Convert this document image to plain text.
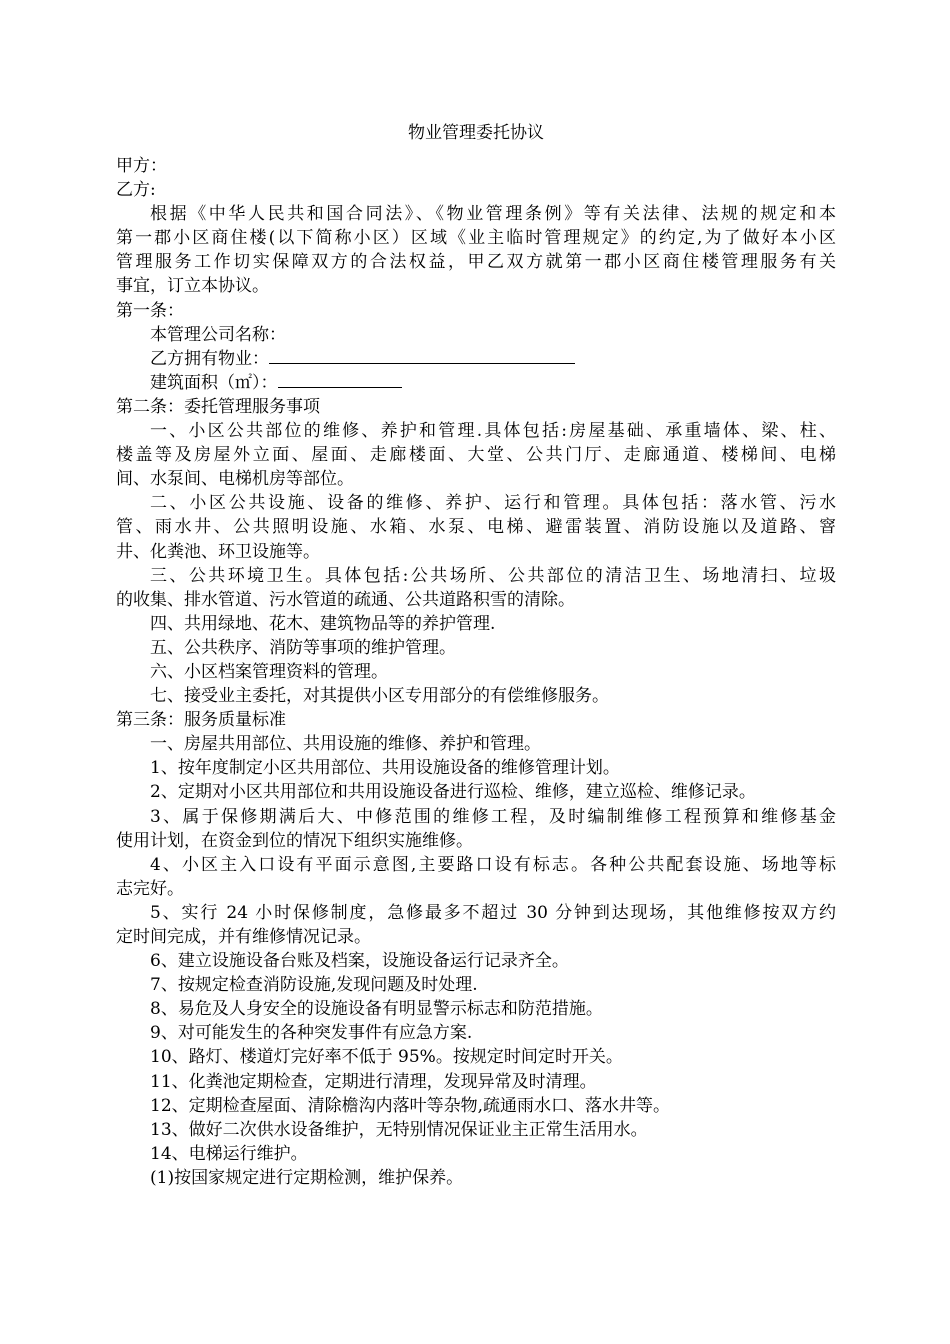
物业管理委托协议
甲方：
乙方:
根据《中华人民共和国合同法》、《物业管理条例》等有关法律、法规的规定和本
第一郡小区商住楼(以下简称小区）区域《业主临时管理规定》的约定,为了做好本小区
管理服务工作切实保障双方的合法权益，甲乙双方就第一郡小区商住楼管理服务有关
事宜，订立本协议。
第一条：
本管理公司名称：
乙方拥有物业：
建筑面积（㎡）：
第二条：委托管理服务事项
一、小区公共部位的维修、养护和管理.具体包括:房屋基础、承重墙体、梁、柱、
楼盖等及房屋外立面、屋面、走廊楼面、大堂、公共门厅、走廊通道、楼梯间、电梯
间、水泵间、电梯机房等部位。
二、小区公共设施、设备的维修、养护、运行和管理。具体包括：落水管、污水
管、雨水井、公共照明设施、水箱、水泵、电梯、避雷装置、消防设施以及道路、窨
井、化粪池、环卫设施等。
三、公共环境卫生。具体包括:公共场所、公共部位的清洁卫生、场地清扫、垃圾
的收集、排水管道、污水管道的疏通、公共道路积雪的清除。
四、共用绿地、花木、建筑物品等的养护管理.
五、公共秩序、消防等事项的维护管理。
六、小区档案管理资料的管理。
七、接受业主委托，对其提供小区专用部分的有偿维修服务。
第三条：服务质量标准
一、房屋共用部位、共用设施的维修、养护和管理。
1、按年度制定小区共用部位、共用设施设备的维修管理计划。
2、定期对小区共用部位和共用设施设备进行巡检、维修，建立巡检、维修记录。
3、属于保修期满后大、中修范围的维修工程，及时编制维修工程预算和维修基金
使用计划，在资金到位的情况下组织实施维修。
4、小区主入口设有平面示意图,主要路口设有标志。各种公共配套设施、场地等标
志完好。
5、实行 24 小时保修制度，急修最多不超过 30 分钟到达现场，其他维修按双方约
定时间完成，并有维修情况记录。
6、建立设施设备台账及档案，设施设备运行记录齐全。
7、按规定检查消防设施,发现问题及时处理.
8、易危及人身安全的设施设备有明显警示标志和防范措施。
9、对可能发生的各种突发事件有应急方案.
10、路灯、楼道灯完好率不低于 95%。按规定时间定时开关。
11、化粪池定期检查，定期进行清理，发现异常及时清理。
12、定期检查屋面、清除檐沟内落叶等杂物,疏通雨水口、落水井等。
13、做好二次供水设备维护，无特别情况保证业主正常生活用水。
14、电梯运行维护。
(1)按国家规定进行定期检测，维护保养。
